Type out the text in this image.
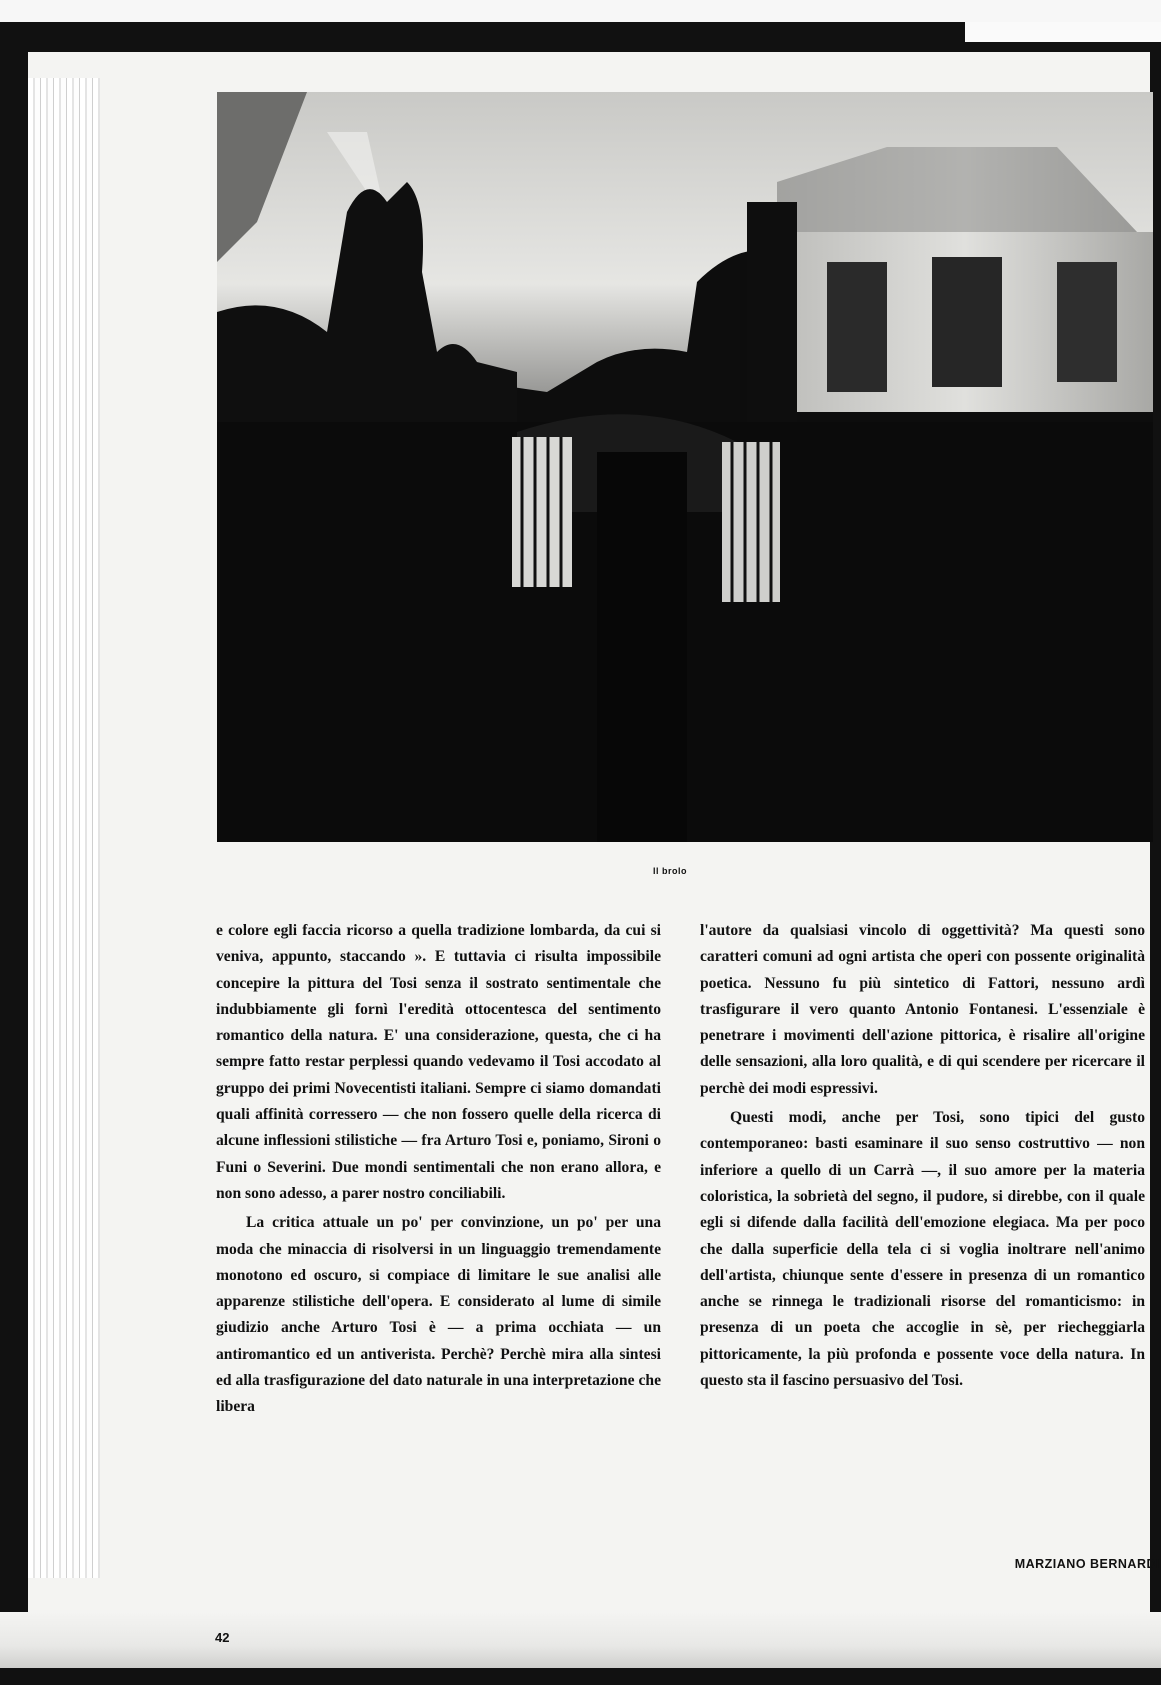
Il brolo

e colore egli faccia ricorso a quella tradizione lombarda, da cui si veniva, appunto, staccando ». E tuttavia ci risulta impossibile concepire la pittura del Tosi senza il sostrato sentimentale che indubbiamente gli fornì l'eredità ottocentesca del sentimento romantico della natura. E' una considerazione, questa, che ci ha sempre fatto restar perplessi quando vedevamo il Tosi accodato al gruppo dei primi Novecentisti italiani. Sempre ci siamo domandati quali affinità corressero — che non fossero quelle della ricerca di alcune inflessioni stilistiche — fra Arturo Tosi e, poniamo, Sironi o Funi o Severini. Due mondi sentimentali che non erano allora, e non sono adesso, a parer nostro conciliabili.

La critica attuale un po' per convinzione, un po' per una moda che minaccia di risolversi in un linguaggio tremendamente monotono ed oscuro, si compiace di limitare le sue analisi alle apparenze stilistiche dell'opera. E considerato al lume di simile giudizio anche Arturo Tosi è — a prima occhiata — un antiromantico ed un antiverista. Perchè? Perchè mira alla sintesi ed alla trasfigurazione del dato naturale in una interpretazione che libera

l'autore da qualsiasi vincolo di oggettività? Ma questi sono caratteri comuni ad ogni artista che operi con possente originalità poetica. Nessuno fu più sintetico di Fattori, nessuno ardì trasfigurare il vero quanto Antonio Fontanesi. L'essenziale è penetrare i movimenti dell'azione pittorica, è risalire all'origine delle sensazioni, alla loro qualità, e di qui scendere per ricercare il perchè dei modi espressivi.

Questi modi, anche per Tosi, sono tipici del gusto contemporaneo: basti esaminare il suo senso costruttivo — non inferiore a quello di un Carrà —, il suo amore per la materia coloristica, la sobrietà del segno, il pudore, si direbbe, con il quale egli si difende dalla facilità dell'emozione elegiaca. Ma per poco che dalla superficie della tela ci si voglia inoltrare nell'animo dell'artista, chiunque sente d'essere in presenza di un romantico anche se rinnega le tradizionali risorse del romanticismo: in presenza di un poeta che accoglie in sè, per riecheggiarla pittoricamente, la più profonda e possente voce della natura. In questo sta il fascino persuasivo del Tosi.

MARZIANO BERNARDI
42
